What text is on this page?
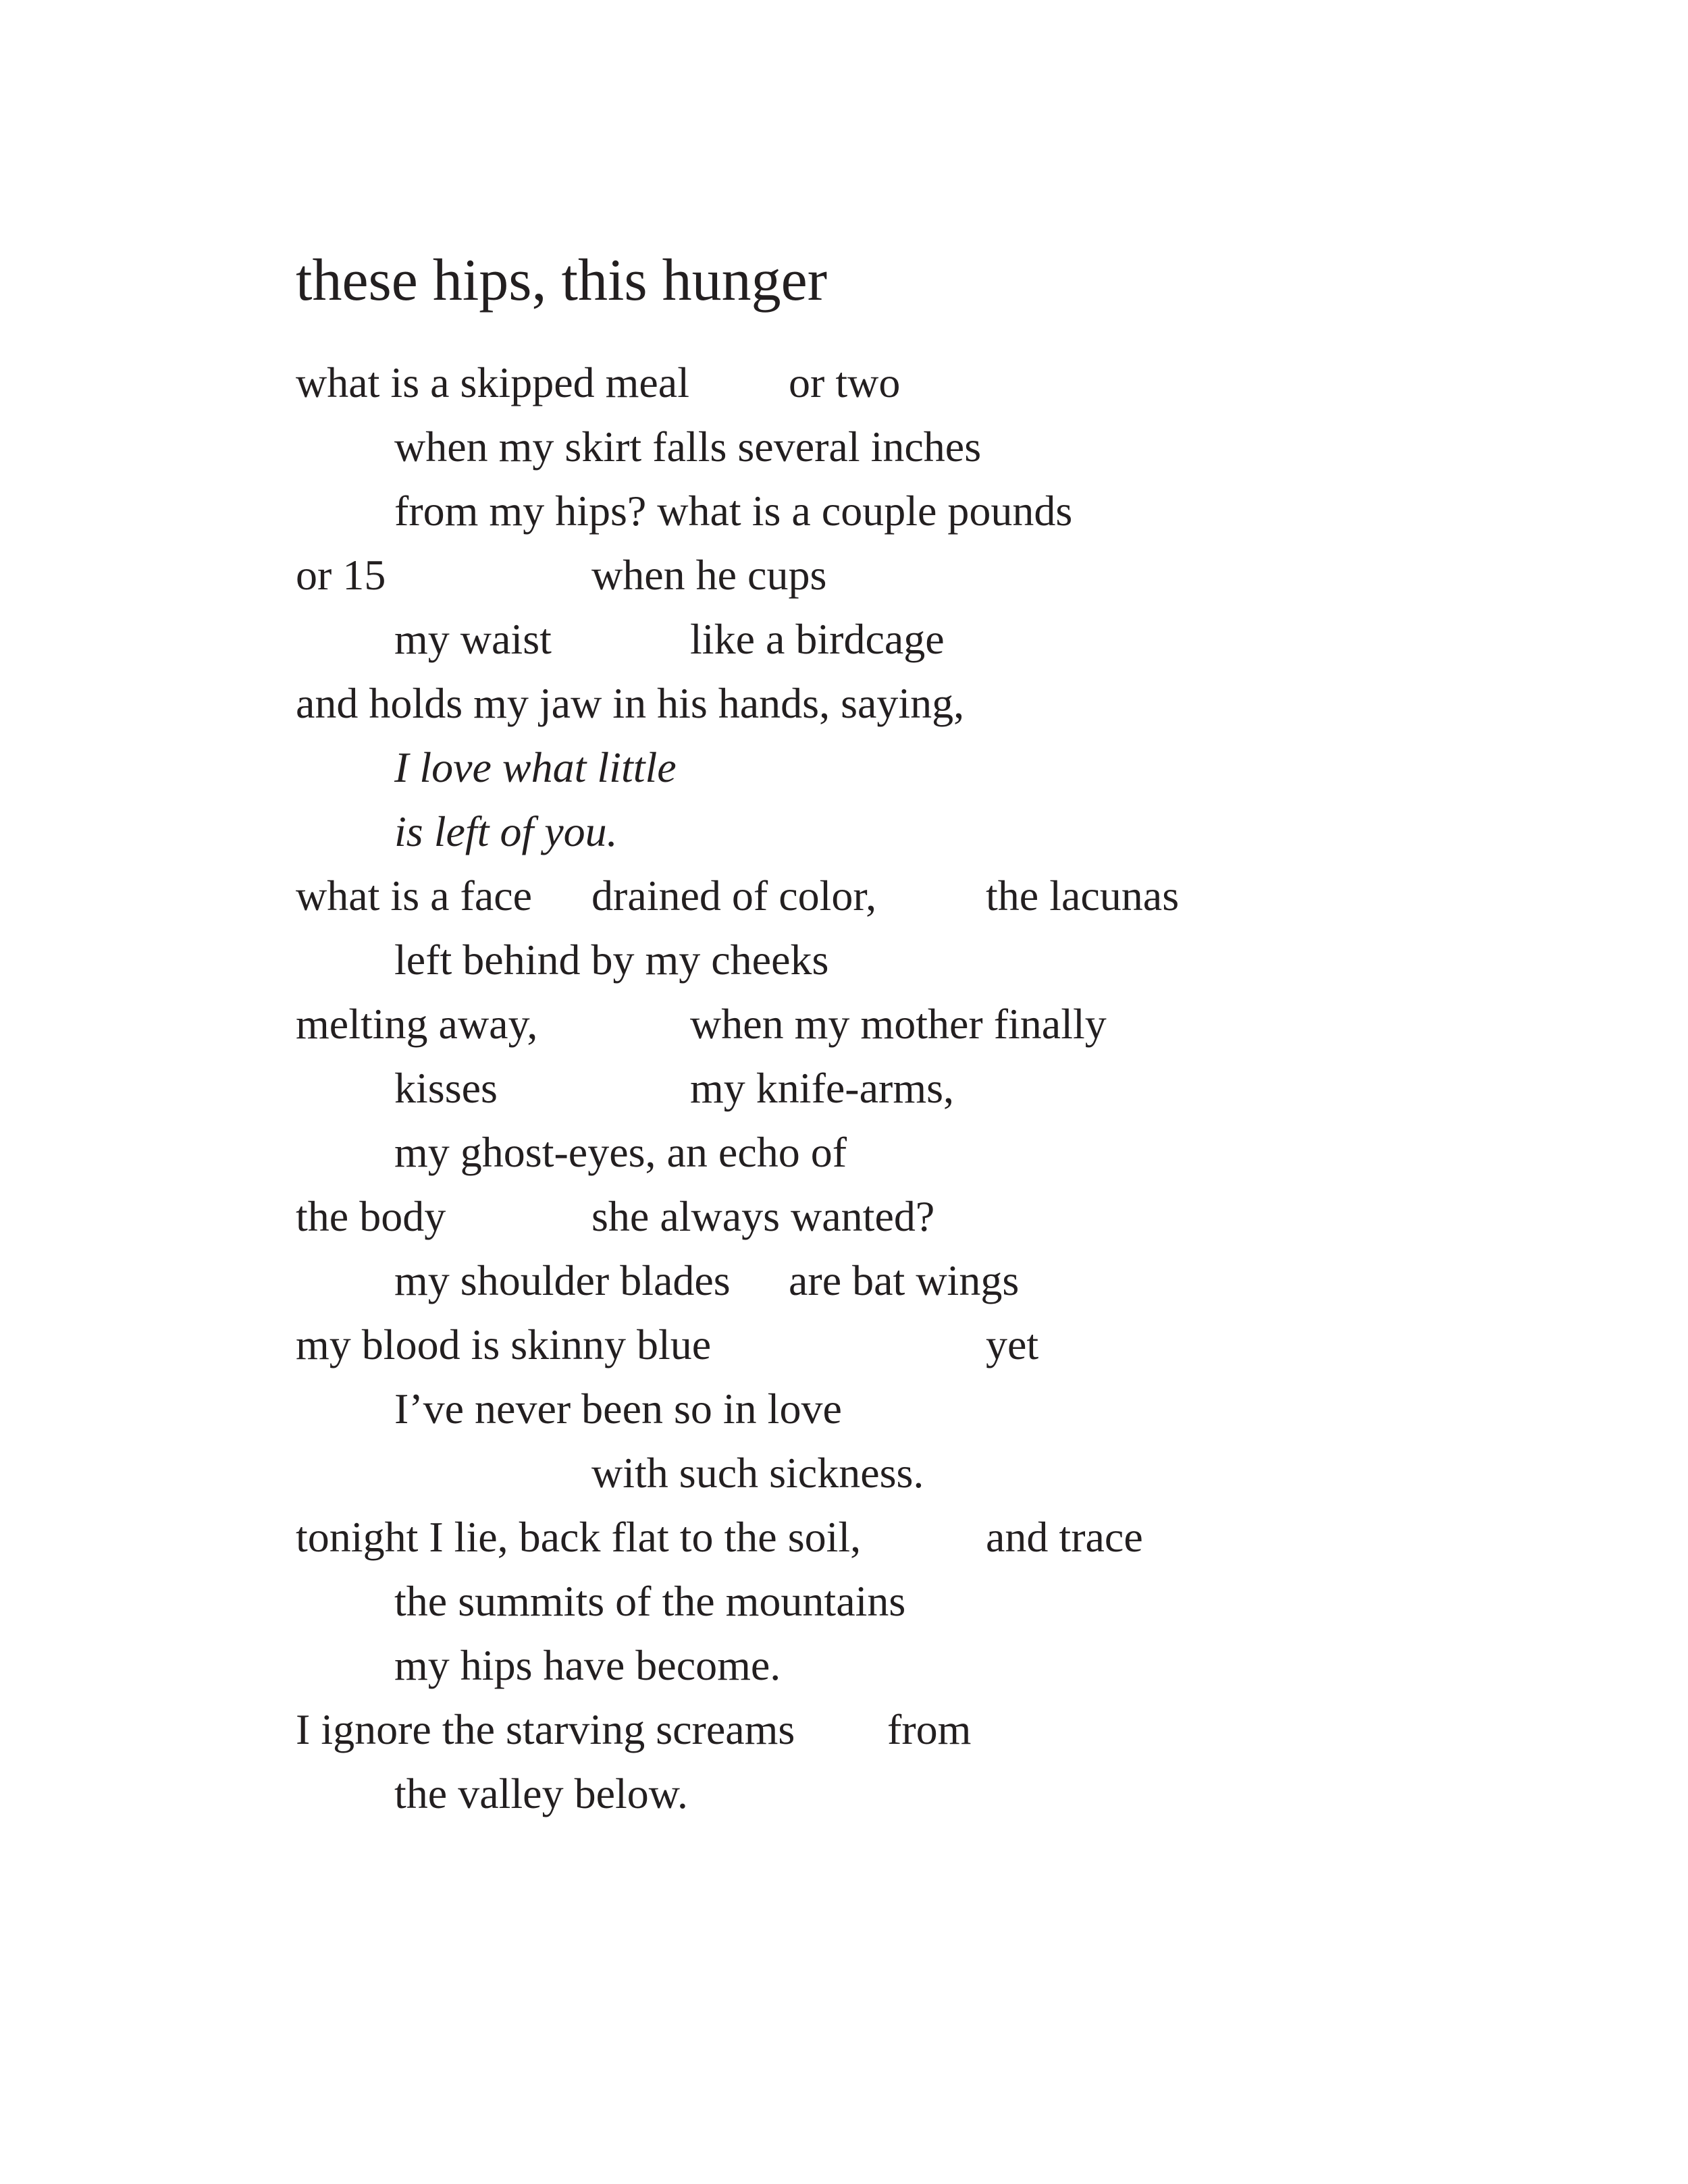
these hips, this hunger
what is a skipped meal or two
when my skirt falls several inches
from my hips? what is a couple pounds
or 15	when he cups
my waist	like a birdcage
and holds my jaw in his hands, saying,
I love what little
is left of you.
what is a face drained of color,	the lacunas
left behind by my cheeks
melting away,	when my mother finally
kisses	my knife-arms,
my ghost-eyes, an echo of
the body	she always wanted?
my shoulder blades are bat wings
my blood is skinny blue	yet
I’ve never been so in love
with such sickness.
tonight I lie, back flat to the soil,	and trace
the summits of the mountains
my hips have become.
I ignore the starving screams from
the valley below.
